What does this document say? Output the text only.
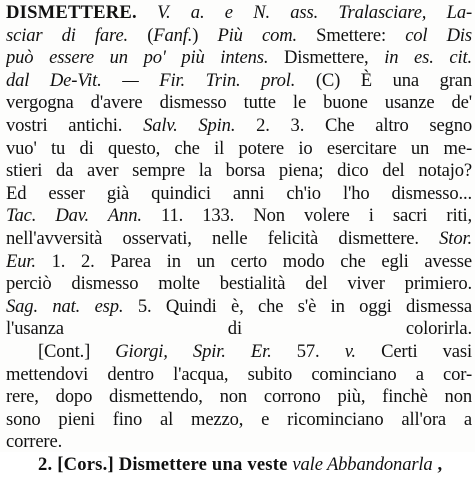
DISMETTERE. V. a. e N. ass. Tralasciare, La-
sciar di fare. (Fanf.) Più com. Smettere: col Dis
può essere un po' più intens. Dismettere, in es. cit.
dal De-Vit. — Fir. Trin. prol. (C) È una gran
vergogna d'avere dismesso tutte le buone usanze de'
vostri antichi. Salv. Spin. 2. 3. Che altro segno
vuo' tu di questo, che il potere io esercitare un me-
stieri da aver sempre la borsa piena; dico del notajo?
Ed esser già quindici anni ch'io l'ho dismesso...
Tac. Dav. Ann. 11. 133. Non volere i sacri riti,
nell'avversità osservati, nelle felicità dismettere. Stor.
Eur. 1. 2. Parea in un certo modo che egli avesse
perciò dismesso molte bestialità del viver primiero.
Sag. nat. esp. 5. Quindi è, che s'è in oggi dismessa
l'usanza di colorirla.
[Cont.] Giorgi, Spir. Er. 57. v. Certi vasi
mettendovi dentro l'acqua, subito cominciano a cor-
rere, dopo dismettendo, non corrono più, finchè non
sono pieni fino al mezzo, e ricominciano all'ora a
correre.
2. [Cors.] Dismettere una veste vale Abbandonarla ,
